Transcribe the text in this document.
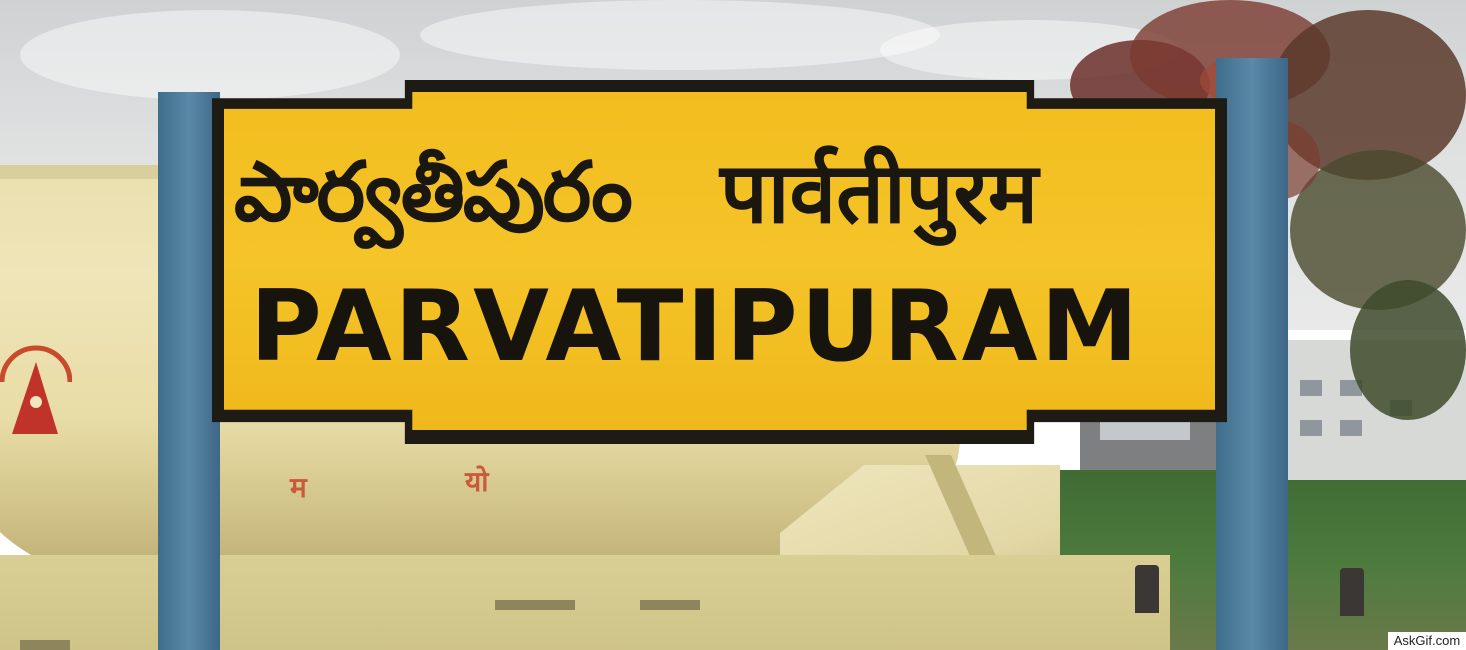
म	यो
పార్వతీపురం	पार्वतीपुरम
PARVATIPURAM
AskGif.com
